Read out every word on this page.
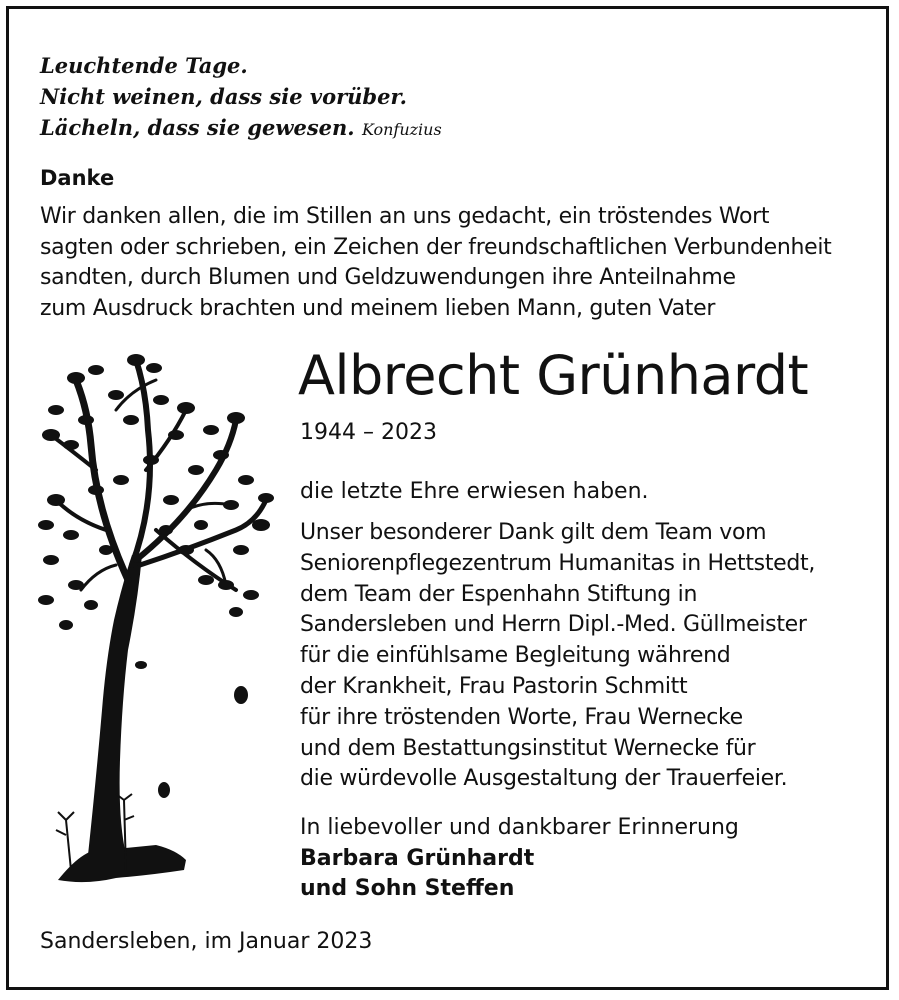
Leuchtende Tage.
Nicht weinen, dass sie vorüber.
Lächeln, dass sie gewesen. Konfuzius
Danke
Wir danken allen, die im Stillen an uns gedacht, ein tröstendes Wort
sagten oder schrieben, ein Zeichen der freundschaftlichen Verbundenheit
sandten, durch Blumen und Geldzuwendungen ihre Anteilnahme
zum Ausdruck brachten und meinem lieben Mann, guten Vater
Albrecht Grünhardt
1944 – 2023
die letzte Ehre erwiesen haben.
Unser besonderer Dank gilt dem Team vom
Seniorenpflegezentrum Humanitas in Hettstedt,
dem Team der Espenhahn Stiftung in
Sandersleben und Herrn Dipl.-Med. Güllmeister
für die einfühlsame Begleitung während
der Krankheit, Frau Pastorin Schmitt
für ihre tröstenden Worte, Frau Wernecke
und dem Bestattungsinstitut Wernecke für
die würdevolle Ausgestaltung der Trauerfeier.
In liebevoller und dankbarer Erinnerung
Barbara Grünhardt
und Sohn Steffen
Sandersleben, im Januar 2023
